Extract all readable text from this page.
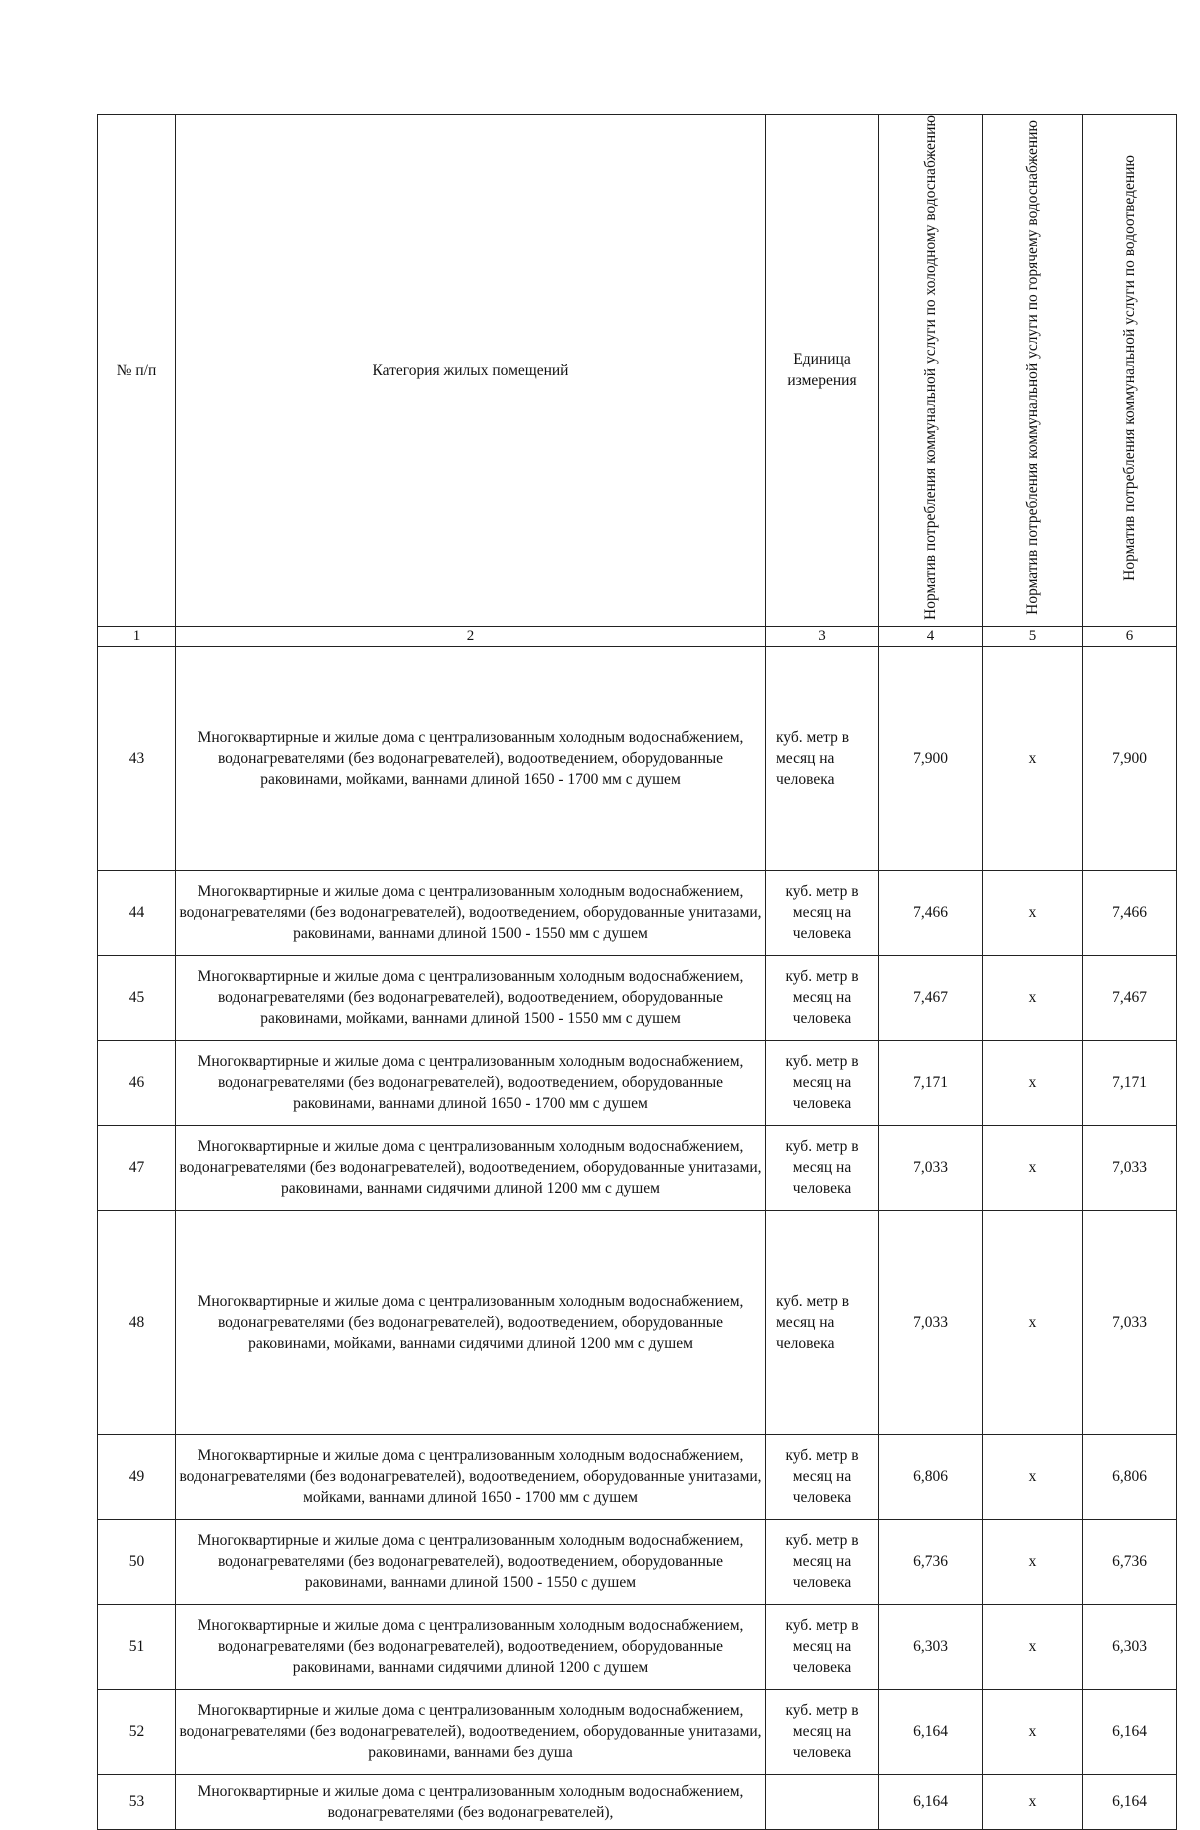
№ п/п	Категория жилых помещений	Единица измерения	Норматив потребления коммунальной услуги по холодному водоснабжению	Норматив потребления коммунальной услуги по горячему водоснабжению	Норматив потребления коммунальной услуги по водоотведению
1	2	3	4	5	6
43	Многоквартирные и жилые дома с централизованным холодным водоснабжением, водонагревателями (без водонагревателей), водоотведением, оборудованные раковинами, мойками, ваннами длиной 1650 - 1700 мм с душем	куб. метр в месяц на человека	7,900	x	7,900
44	Многоквартирные и жилые дома с централизованным холодным водоснабжением, водонагревателями (без водонагревателей), водоотведением, оборудованные унитазами, раковинами, ваннами длиной 1500 - 1550 мм с душем	куб. метр в месяц на человека	7,466	x	7,466
45	Многоквартирные и жилые дома с централизованным холодным водоснабжением, водонагревателями (без водонагревателей), водоотведением, оборудованные раковинами, мойками, ваннами длиной 1500 - 1550 мм с душем	куб. метр в месяц на человека	7,467	x	7,467
46	Многоквартирные и жилые дома с централизованным холодным водоснабжением, водонагревателями (без водонагревателей), водоотведением, оборудованные раковинами, ваннами длиной 1650 - 1700 мм с душем	куб. метр в месяц на человека	7,171	x	7,171
47	Многоквартирные и жилые дома с централизованным холодным водоснабжением, водонагревателями (без водонагревателей), водоотведением, оборудованные унитазами, раковинами, ваннами сидячими длиной 1200 мм с душем	куб. метр в месяц на человека	7,033	x	7,033
48	Многоквартирные и жилые дома с централизованным холодным водоснабжением, водонагревателями (без водонагревателей), водоотведением, оборудованные раковинами, мойками, ваннами сидячими длиной 1200 мм с душем	куб. метр в месяц на человека	7,033	x	7,033
49	Многоквартирные и жилые дома с централизованным холодным водоснабжением, водонагревателями (без водонагревателей), водоотведением, оборудованные унитазами, мойками, ваннами длиной 1650 - 1700 мм с душем	куб. метр в месяц на человека	6,806	x	6,806
50	Многоквартирные и жилые дома с централизованным холодным водоснабжением, водонагревателями (без водонагревателей), водоотведением, оборудованные раковинами, ваннами длиной 1500 - 1550 с душем	куб. метр в месяц на человека	6,736	x	6,736
51	Многоквартирные и жилые дома с централизованным холодным водоснабжением, водонагревателями (без водонагревателей), водоотведением, оборудованные раковинами, ваннами сидячими длиной 1200 с душем	куб. метр в месяц на человека	6,303	x	6,303
52	Многоквартирные и жилые дома с централизованным холодным водоснабжением, водонагревателями (без водонагревателей), водоотведением, оборудованные унитазами, раковинами, ваннами без душа	куб. метр в месяц на человека	6,164	x	6,164
53	Многоквартирные и жилые дома с централизованным холодным водоснабжением, водонагревателями (без водонагревателей),		6,164	x	6,164
